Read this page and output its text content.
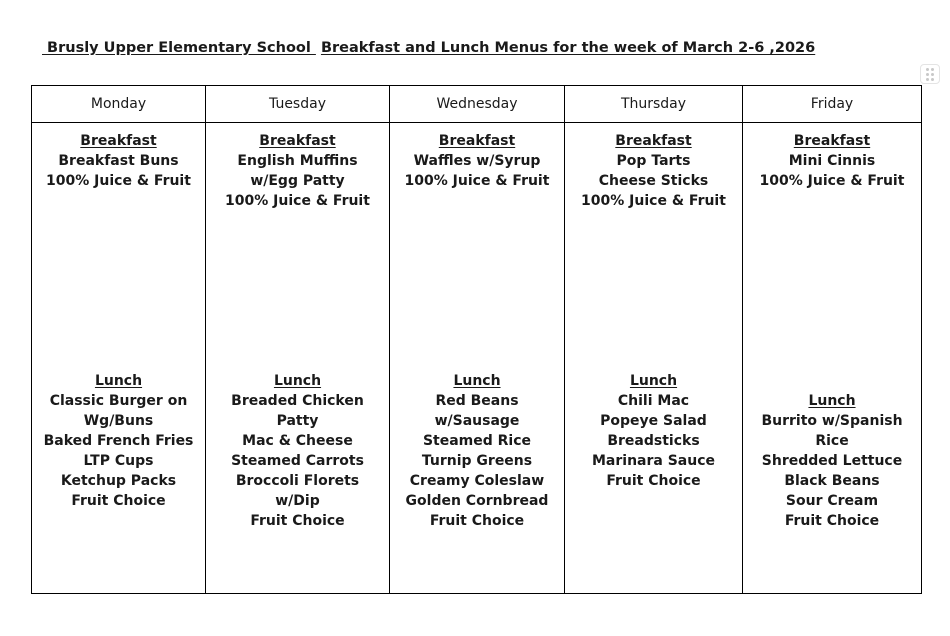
Brusly Upper Elementary School  Breakfast and Lunch Menus for the week of March 2-6 ,2026
Monday	Tuesday	Wednesday	Thursday	Friday

Breakfast
Breakfast Buns
100% Juice & Fruit
Lunch
Classic Burger on
Wg/Buns
Baked French Fries
LTP Cups
Ketchup Packs
Fruit Choice

Breakfast
English Muffins
w/Egg Patty
100% Juice & Fruit
Lunch
Breaded Chicken
Patty
Mac & Cheese
Steamed Carrots
Broccoli Florets
w/Dip
Fruit Choice

Breakfast
Waffles w/Syrup
100% Juice & Fruit
Lunch
Red Beans
w/Sausage
Steamed Rice
Turnip Greens
Creamy Coleslaw
Golden Cornbread
Fruit Choice

Breakfast
Pop Tarts
Cheese Sticks
100% Juice & Fruit
Lunch
Chili Mac
Popeye Salad
Breadsticks
Marinara Sauce
Fruit Choice

Breakfast
Mini Cinnis
100% Juice & Fruit
Lunch
Burrito w/Spanish
Rice
Shredded Lettuce
Black Beans
Sour Cream
Fruit Choice
